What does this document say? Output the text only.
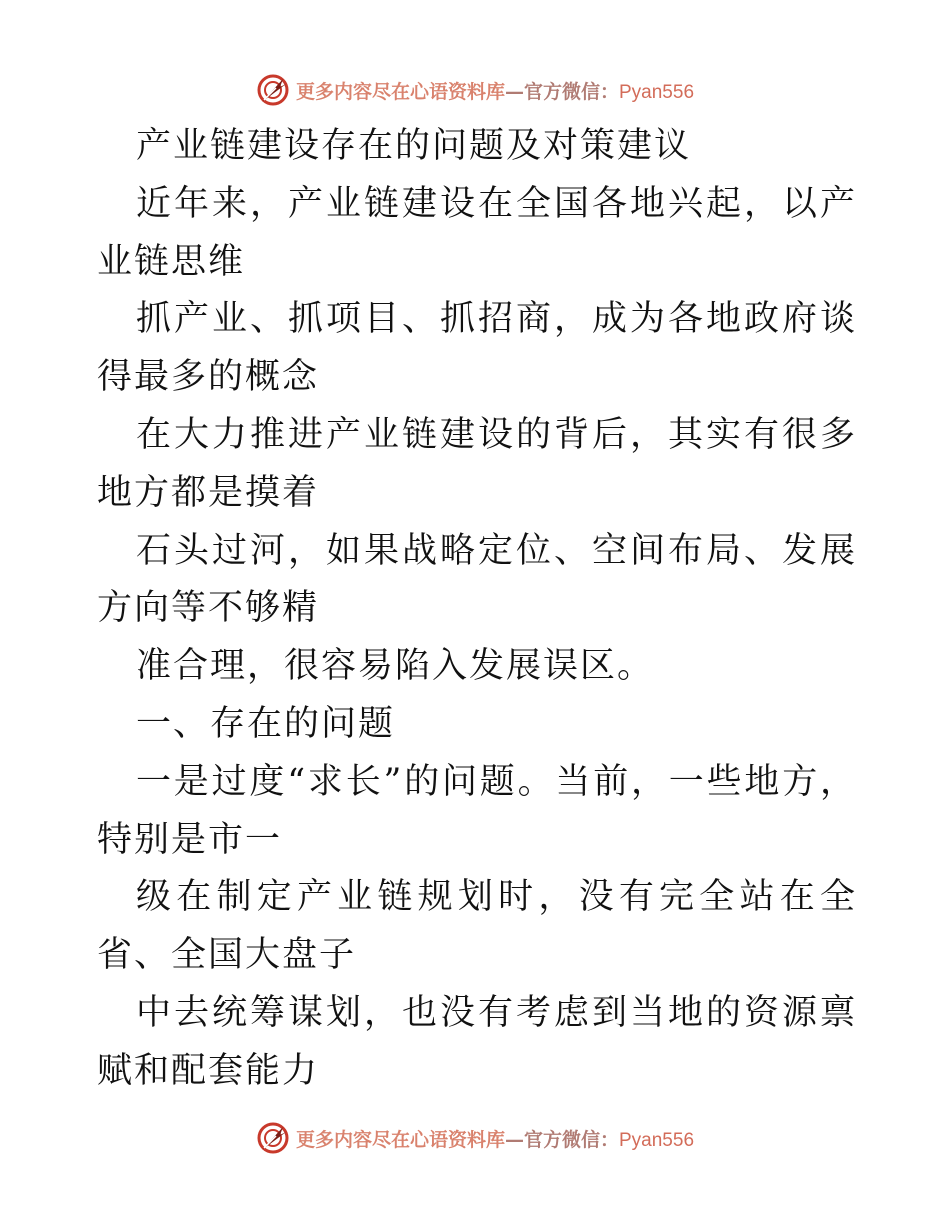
更多内容尽在心语资料库—官方微信：Pyan556

产业链建设存在的问题及对策建议

近年来，产业链建设在全国各地兴起，以产业链思维

抓产业、抓项目、抓招商，成为各地政府谈得最多的概念

在大力推进产业链建设的背后，其实有很多地方都是摸着

石头过河，如果战略定位、空间布局、发展方向等不够精

准合理，很容易陷入发展误区。

一、存在的问题

一是过度“求长”的问题。当前，一些地方，特别是市一

级在制定产业链规划时，没有完全站在全省、全国大盘子

中去统筹谋划，也没有考虑到当地的资源禀赋和配套能力

更多内容尽在心语资料库—官方微信：Pyan556
